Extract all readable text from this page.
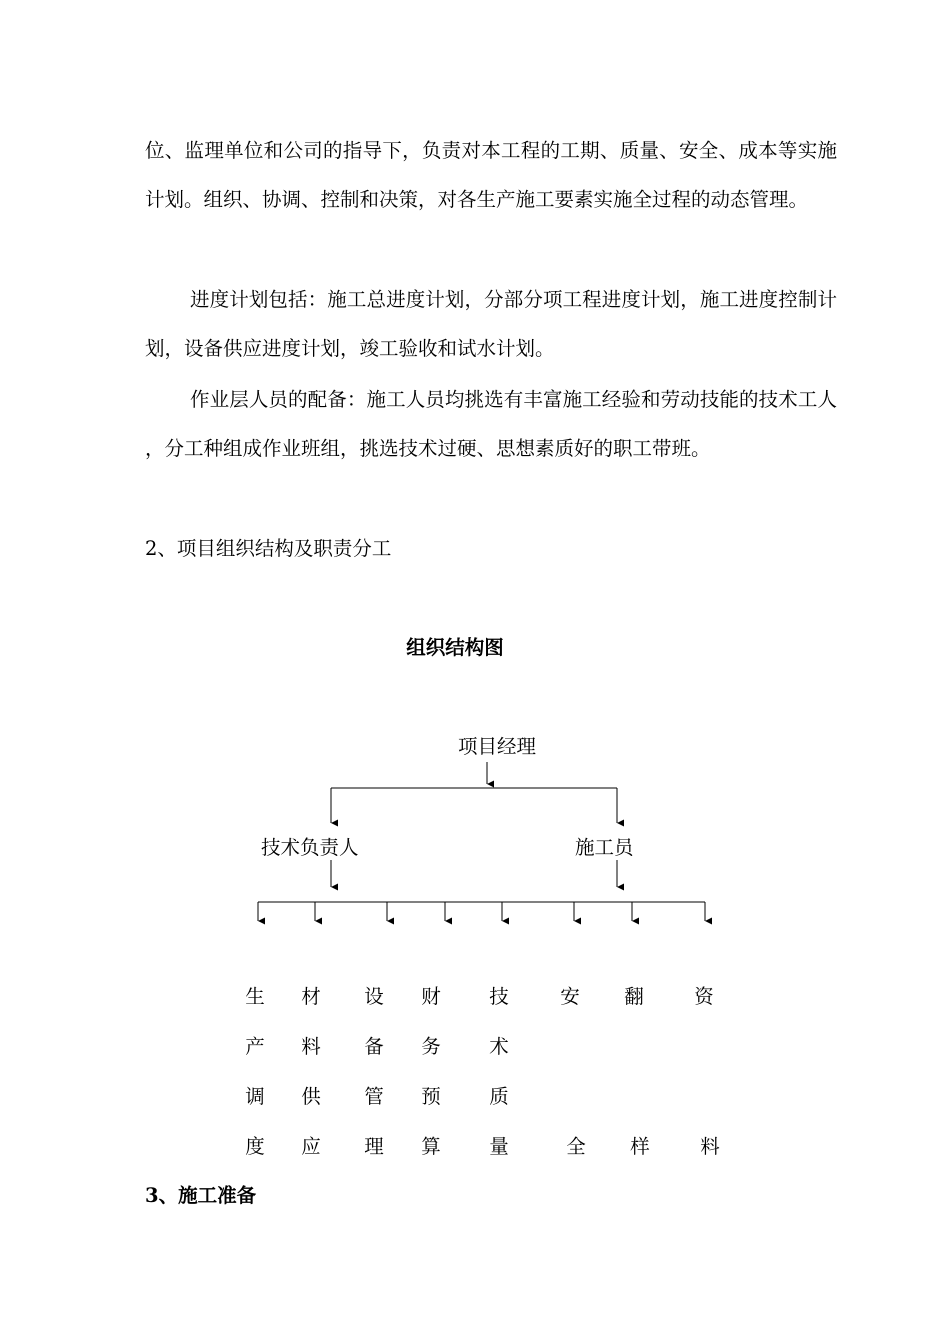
位、监理单位和公司的指导下，负责对本工程的工期、质量、安全、成本等实施计划。组织、协调、控制和决策，对各生产施工要素实施全过程的动态管理。

进度计划包括：施工总进度计划，分部分项工程进度计划，施工进度控制计划，设备供应进度计划，竣工验收和试水计划。

作业层人员的配备：施工人员均挑选有丰富施工经验和劳动技能的技术工人 ，分工种组成作业班组，挑选技术过硬、思想素质好的职工带班。

2、项目组织结构及职责分工
组织结构图
项目经理
技术负责人	施工员
生
产
调
度
材
料
供
应
设
备
管
理
财
务
预
算
技
术
质
量
安
全
翻
样
资
料
3、施工准备
